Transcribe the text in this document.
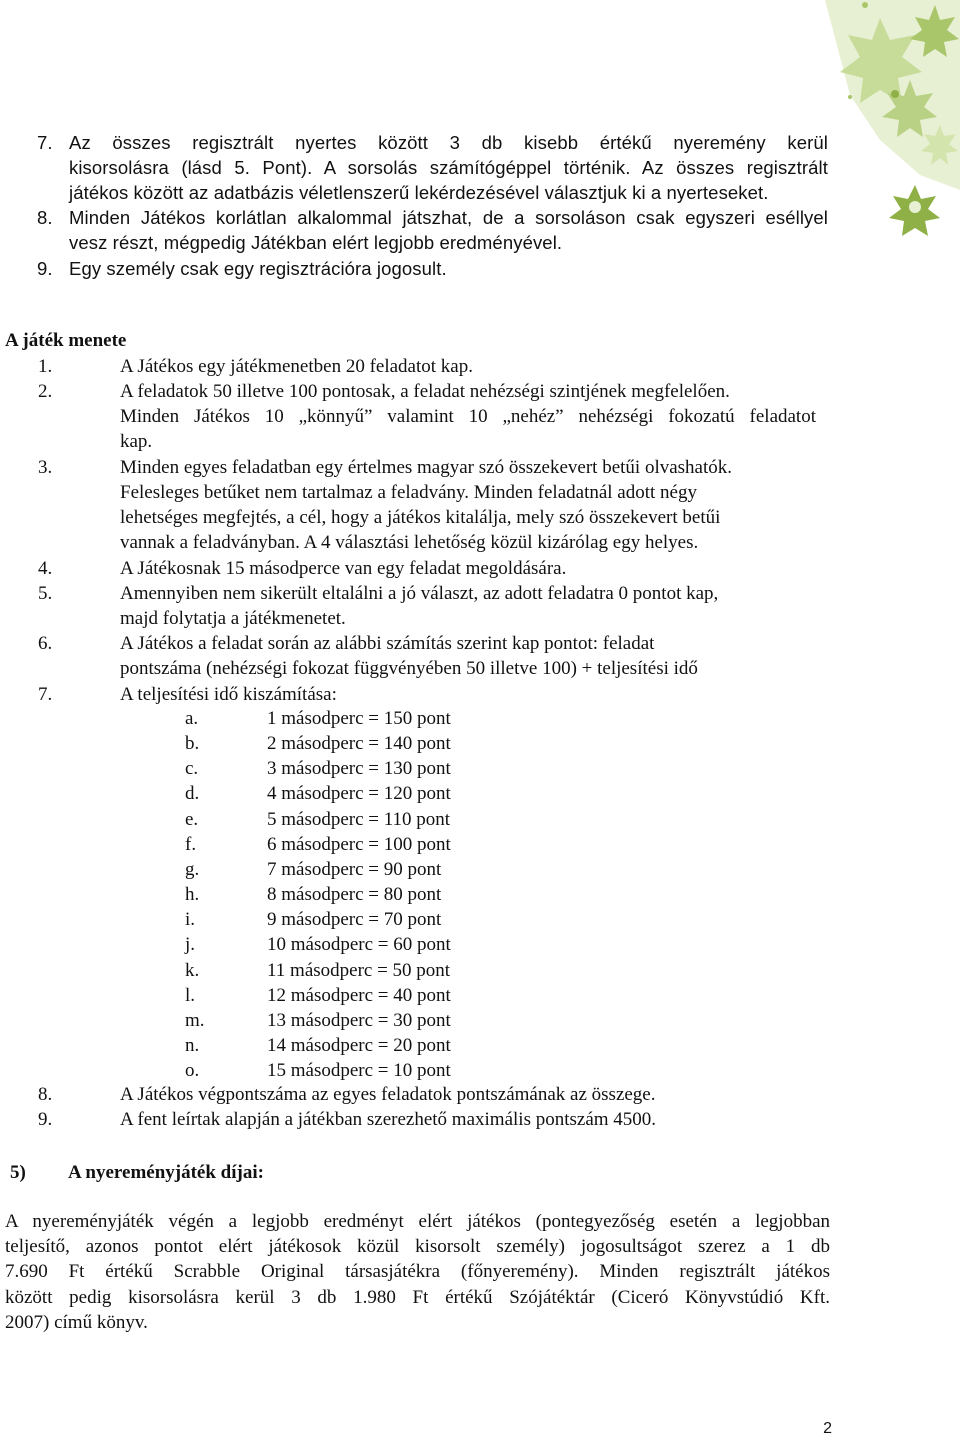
7. Az összes regisztrált nyertes között 3 db kisebb értékű nyeremény kerül
kisorsolásra (lásd 5. Pont). A sorsolás számítógéppel történik. Az összes regisztrált
játékos között az adatbázis véletlenszerű lekérdezésével választjuk ki a nyerteseket.
8. Minden Játékos korlátlan alkalommal játszhat, de a sorsoláson csak egyszeri eséllyel
vesz részt, mégpedig Játékban elért legjobb eredményével.
9. Egy személy csak egy regisztrációra jogosult.
A játék menete
1.	A Játékos egy játékmenetben 20 feladatot kap.
2.	A feladatok 50 illetve 100 pontosak, a feladat nehézségi szintjének megfelelően.
Minden Játékos 10 „könnyű” valamint 10 „nehéz” nehézségi fokozatú feladatot
kap.
3.	Minden egyes feladatban egy értelmes magyar szó összekevert betűi olvashatók.
Felesleges betűket nem tartalmaz a feladvány. Minden feladatnál adott négy
lehetséges megfejtés, a cél, hogy a játékos kitalálja, mely szó összekevert betűi
vannak a feladványban. A 4 választási lehetőség közül kizárólag egy helyes.
4.	A Játékosnak 15 másodperce van egy feladat megoldására.
5.	Amennyiben nem sikerült eltalálni a jó választ, az adott feladatra 0 pontot kap,
majd folytatja a játékmenetet.
6.	A Játékos a feladat során az alábbi számítás szerint kap pontot: feladat
pontszáma (nehézségi fokozat függvényében 50 illetve 100) + teljesítési idő
7.	A teljesítési idő kiszámítása:
a.	1 másodperc = 150 pont
b.	2 másodperc = 140 pont
c.	3 másodperc = 130 pont
d.	4 másodperc = 120 pont
e.	5 másodperc = 110 pont
f.	6 másodperc = 100 pont
g.	7 másodperc = 90 pont
h.	8 másodperc = 80 pont
i.	9 másodperc = 70 pont
j.	10 másodperc = 60 pont
k.	11 másodperc = 50 pont
l.	12 másodperc = 40 pont
m.	13 másodperc = 30 pont
n.	14 másodperc = 20 pont
o.	15 másodperc = 10 pont
8.	A Játékos végpontszáma az egyes feladatok pontszámának az összege.
9.	A fent leírtak alapján a játékban szerezhető maximális pontszám 4500.
5) A nyereményjáték díjai:
A nyereményjáték végén a legjobb eredményt elért játékos (pontegyezőség esetén a legjobban
teljesítő, azonos pontot elért játékosok közül kisorsolt személy) jogosultságot szerez a 1 db
7.690 Ft értékű Scrabble Original társasjátékra (főnyeremény). Minden regisztrált játékos
között pedig kisorsolásra kerül 3 db 1.980 Ft értékű Szójátéktár (Ciceró Könyvstúdió Kft.
2007) című könyv.
2
